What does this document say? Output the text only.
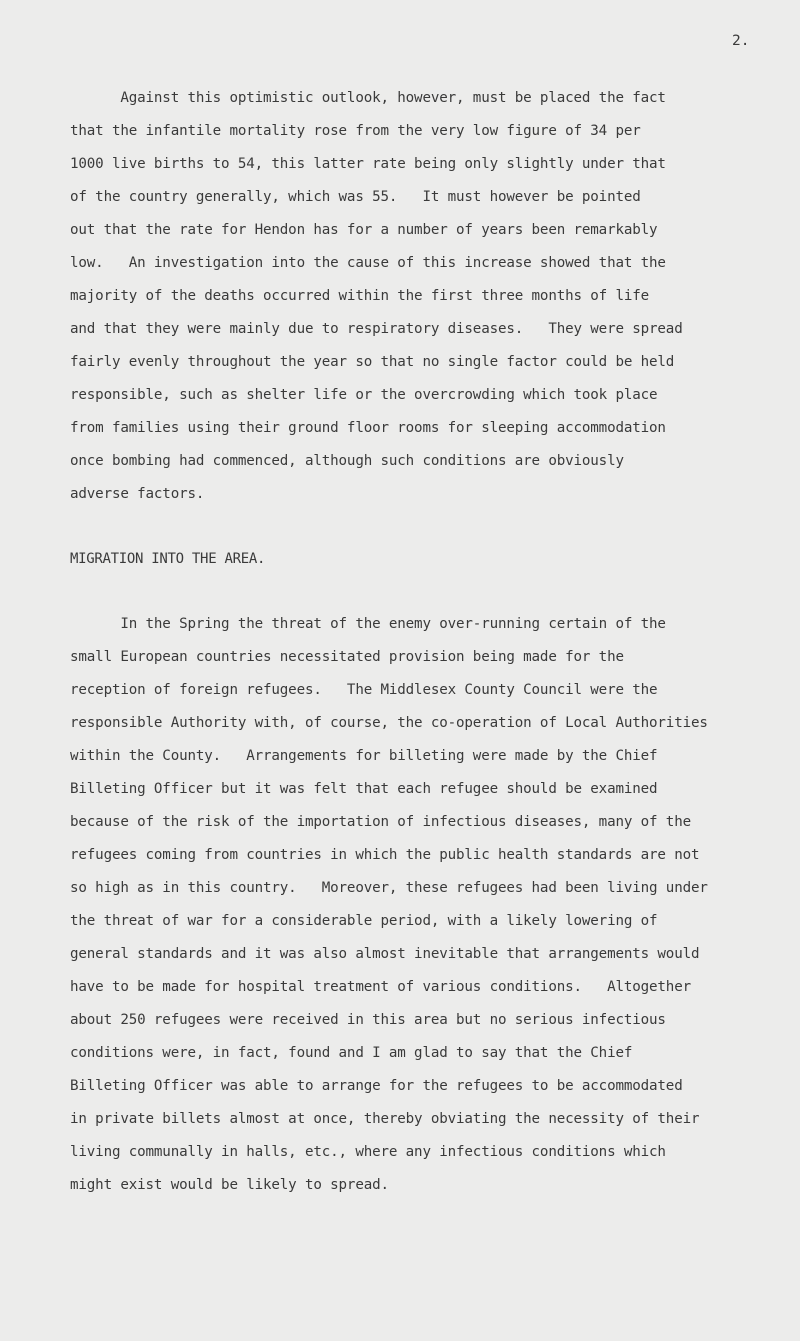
2.
Against this optimistic outlook, however, must be placed the fact
that the infantile mortality rose from the very low figure of 34 per
1000 live births to 54, this latter rate being only slightly under that
of the country generally, which was 55.   It must however be pointed
out that the rate for Hendon has for a number of years been remarkably
low.   An investigation into the cause of this increase showed that the
majority of the deaths occurred within the first three months of life
and that they were mainly due to respiratory diseases.   They were spread
fairly evenly throughout the year so that no single factor could be held
responsible, such as shelter life or the overcrowding which took place
from families using their ground floor rooms for sleeping accommodation
once bombing had commenced, although such conditions are obviously
adverse factors.
MIGRATION INTO THE AREA.
In the Spring the threat of the enemy over-running certain of the
small European countries necessitated provision being made for the
reception of foreign refugees.   The Middlesex County Council were the
responsible Authority with, of course, the co-operation of Local Authorities
within the County.   Arrangements for billeting were made by the Chief
Billeting Officer but it was felt that each refugee should be examined
because of the risk of the importation of infectious diseases, many of the
refugees coming from countries in which the public health standards are not
so high as in this country.   Moreover, these refugees had been living under
the threat of war for a considerable period, with a likely lowering of
general standards and it was also almost inevitable that arrangements would
have to be made for hospital treatment of various conditions.   Altogether
about 250 refugees were received in this area but no serious infectious
conditions were, in fact, found and I am glad to say that the Chief
Billeting Officer was able to arrange for the refugees to be accommodated
in private billets almost at once, thereby obviating the necessity of their
living communally in halls, etc., where any infectious conditions which
might exist would be likely to spread.
